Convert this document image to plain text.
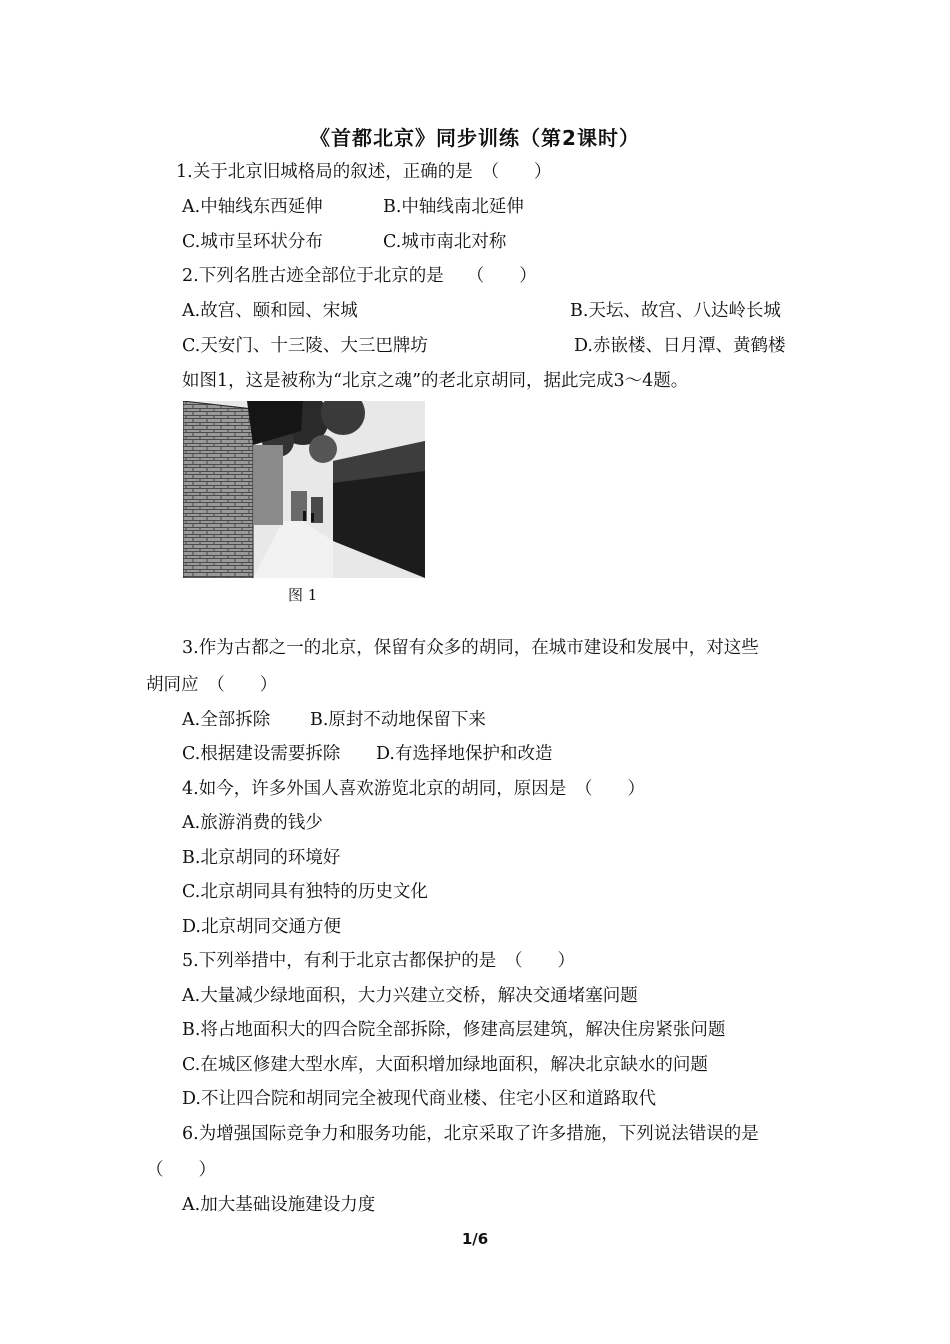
《首都北京》同步训练（第2课时）
1.关于北京旧城格局的叙述，正确的是　（　　）
A.中轴线东西延伸	B.中轴线南北延伸
C.城市呈环状分布	C.城市南北对称
2.下列名胜古迹全部位于北京的是　 （　　）
A.故宫、颐和园、宋城	B.天坛、故宫、八达岭长城
C.天安门、十三陵、大三巴牌坊	D.赤嵌楼、日月潭、黄鹤楼
如图1，这是被称为“北京之魂”的老北京胡同，据此完成3〜4题。
图 1
3.作为古都之一的北京，保留有众多的胡同，在城市建设和发展中，对这些
胡同应　（　　）
A.全部拆除 B.原封不动地保留下来
C.根据建设需要拆除 D.有选择地保护和改造
4.如今，许多外国人喜欢游览北京的胡同，原因是　（　　）
A.旅游消费的钱少
B.北京胡同的环境好
C.北京胡同具有独特的历史文化
D.北京胡同交通方便
5.下列举措中，有利于北京古都保护的是　（　　）
A.大量减少绿地面积，大力兴建立交桥，解决交通堵塞问题
B.将占地面积大的四合院全部拆除，修建高层建筑，解决住房紧张问题
C.在城区修建大型水库，大面积增加绿地面积，解决北京缺水的问题
D.不让四合院和胡同完全被现代商业楼、住宅小区和道路取代
6.为增强国际竞争力和服务功能，北京采取了许多措施，下列说法错误的是
（　　）
A.加大基础设施建设力度
1/6
